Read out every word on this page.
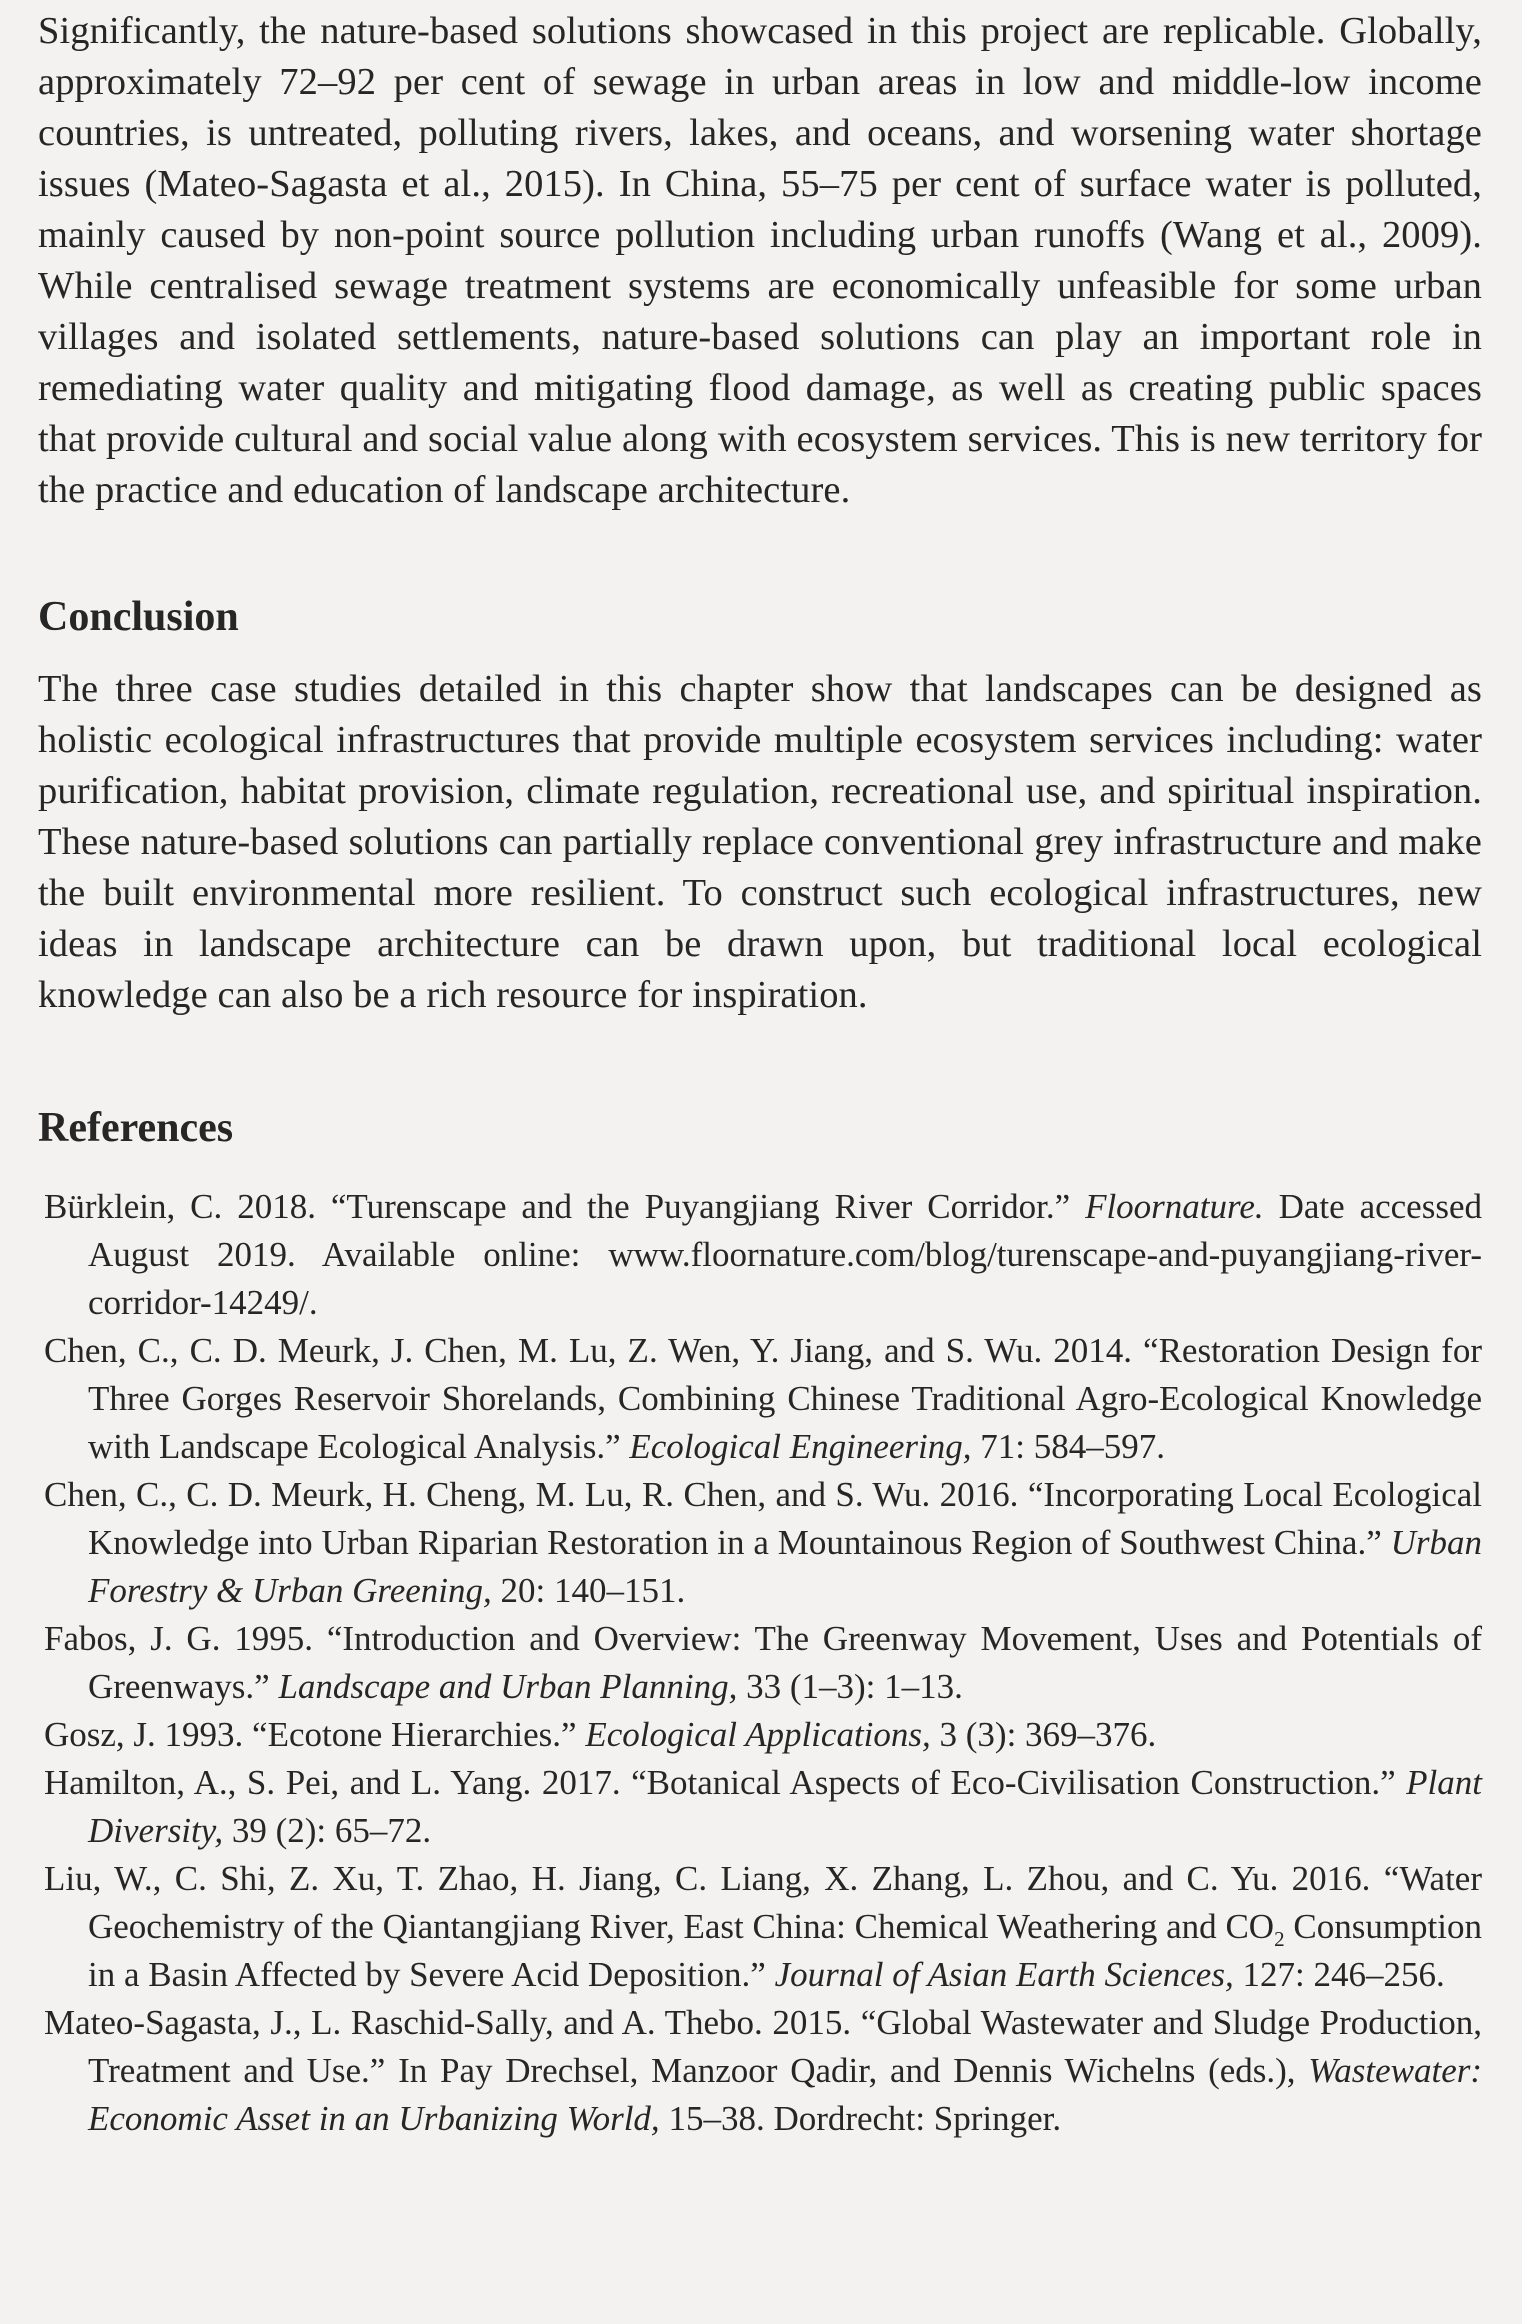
Significantly, the nature-based solutions showcased in this project are replicable. Globally, approximately 72–92 per cent of sewage in urban areas in low and middle-low income countries, is untreated, polluting rivers, lakes, and oceans, and worsening water shortage issues (Mateo-Sagasta et al., 2015). In China, 55–75 per cent of surface water is polluted, mainly caused by non-point source pollution including urban runoffs (Wang et al., 2009). While centralised sewage treatment systems are economically unfeasible for some urban villages and isolated settlements, nature-based solutions can play an important role in remediating water quality and mitigating flood damage, as well as creating public spaces that provide cultural and social value along with ecosystem services. This is new territory for the practice and education of landscape architecture.

Conclusion

The three case studies detailed in this chapter show that landscapes can be designed as holistic ecological infrastructures that provide multiple ecosystem services including: water purification, habitat provision, climate regulation, recreational use, and spiritual inspiration. These nature-based solutions can partially replace conventional grey infrastructure and make the built environmental more resilient. To construct such ecological infrastructures, new ideas in landscape architecture can be drawn upon, but traditional local ecological knowledge can also be a rich resource for inspiration.

References
Bürklein, C. 2018. “Turenscape and the Puyangjiang River Corridor.” Floornature. Date accessed August 2019. Available online: www.floornature.com/blog/turenscape-and-puyangjiang-river-corridor-14249/.
Chen, C., C. D. Meurk, J. Chen, M. Lu, Z. Wen, Y. Jiang, and S. Wu. 2014. “Restoration Design for Three Gorges Reservoir Shorelands, Combining Chinese Traditional Agro-Ecological Knowledge with Landscape Ecological Analysis.” Ecological Engineering, 71: 584–597.
Chen, C., C. D. Meurk, H. Cheng, M. Lu, R. Chen, and S. Wu. 2016. “Incorporating Local Ecological Knowledge into Urban Riparian Restoration in a Mountainous Region of Southwest China.” Urban Forestry & Urban Greening, 20: 140–151.
Fabos, J. G. 1995. “Introduction and Overview: The Greenway Movement, Uses and Potentials of Greenways.” Landscape and Urban Planning, 33 (1–3): 1–13.
Gosz, J. 1993. “Ecotone Hierarchies.” Ecological Applications, 3 (3): 369–376.
Hamilton, A., S. Pei, and L. Yang. 2017. “Botanical Aspects of Eco-Civilisation Construction.” Plant Diversity, 39 (2): 65–72.
Liu, W., C. Shi, Z. Xu, T. Zhao, H. Jiang, C. Liang, X. Zhang, L. Zhou, and C. Yu. 2016. “Water Geochemistry of the Qiantangjiang River, East China: Chemical Weathering and $CO_2$ Consumption in a Basin Affected by Severe Acid Deposition.” Journal of Asian Earth Sciences, 127: 246–256.
Mateo-Sagasta, J., L. Raschid-Sally, and A. Thebo. 2015. “Global Wastewater and Sludge Production, Treatment and Use.” In Pay Drechsel, Manzoor Qadir, and Dennis Wichelns (eds.), Wastewater: Economic Asset in an Urbanizing World, 15–38. Dordrecht: Springer.
